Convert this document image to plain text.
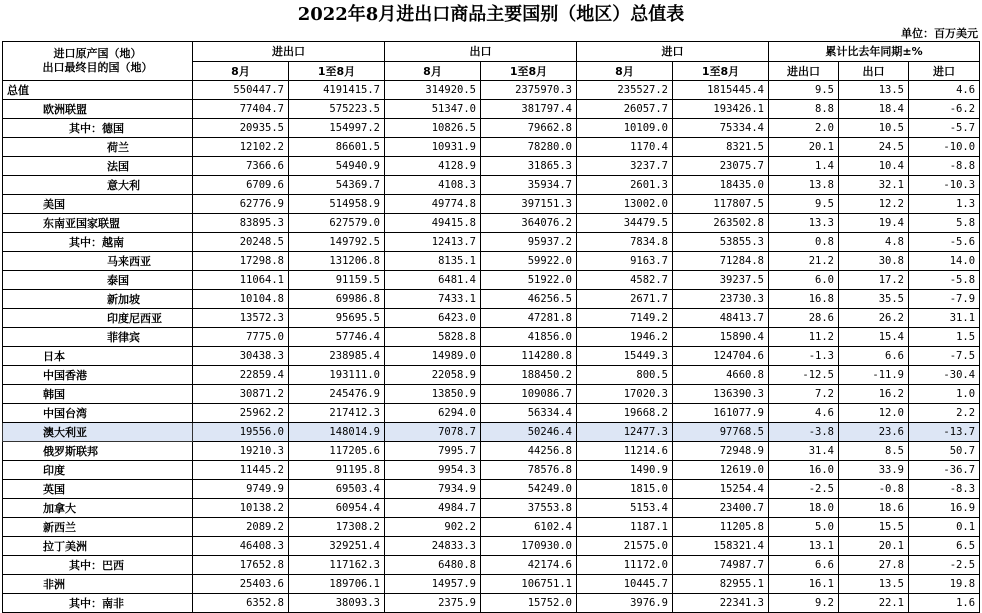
2022年8月进出口商品主要国别（地区）总值表
单位：百万美元
进口原产国（地）
出口最终目的国（地）	进出口		出口		进口		累计比去年同期±%		
	8月	1至8月	8月	1至8月	8月	1至8月	进出口	出口	进口
总值	550447.7	4191415.7	314920.5	2375970.3	235527.2	1815445.4	9.5	13.5	4.6
欧洲联盟	77404.7	575223.5	51347.0	381797.4	26057.7	193426.1	8.8	18.4	-6.2
其中：德国	20935.5	154997.2	10826.5	79662.8	10109.0	75334.4	2.0	10.5	-5.7
荷兰	12102.2	86601.5	10931.9	78280.0	1170.4	8321.5	20.1	24.5	-10.0
法国	7366.6	54940.9	4128.9	31865.3	3237.7	23075.7	1.4	10.4	-8.8
意大利	6709.6	54369.7	4108.3	35934.7	2601.3	18435.0	13.8	32.1	-10.3
美国	62776.9	514958.9	49774.8	397151.3	13002.0	117807.5	9.5	12.2	1.3
东南亚国家联盟	83895.3	627579.0	49415.8	364076.2	34479.5	263502.8	13.3	19.4	5.8
其中：越南	20248.5	149792.5	12413.7	95937.2	7834.8	53855.3	0.8	4.8	-5.6
马来西亚	17298.8	131206.8	8135.1	59922.0	9163.7	71284.8	21.2	30.8	14.0
泰国	11064.1	91159.5	6481.4	51922.0	4582.7	39237.5	6.0	17.2	-5.8
新加坡	10104.8	69986.8	7433.1	46256.5	2671.7	23730.3	16.8	35.5	-7.9
印度尼西亚	13572.3	95695.5	6423.0	47281.8	7149.2	48413.7	28.6	26.2	31.1
菲律宾	7775.0	57746.4	5828.8	41856.0	1946.2	15890.4	11.2	15.4	1.5
日本	30438.3	238985.4	14989.0	114280.8	15449.3	124704.6	-1.3	6.6	-7.5
中国香港	22859.4	193111.0	22058.9	188450.2	800.5	4660.8	-12.5	-11.9	-30.4
韩国	30871.2	245476.9	13850.9	109086.7	17020.3	136390.3	7.2	16.2	1.0
中国台湾	25962.2	217412.3	6294.0	56334.4	19668.2	161077.9	4.6	12.0	2.2
澳大利亚	19556.0	148014.9	7078.7	50246.4	12477.3	97768.5	-3.8	23.6	-13.7
俄罗斯联邦	19210.3	117205.6	7995.7	44256.8	11214.6	72948.9	31.4	8.5	50.7
印度	11445.2	91195.8	9954.3	78576.8	1490.9	12619.0	16.0	33.9	-36.7
英国	9749.9	69503.4	7934.9	54249.0	1815.0	15254.4	-2.5	-0.8	-8.3
加拿大	10138.2	60954.4	4984.7	37553.8	5153.4	23400.7	18.0	18.6	16.9
新西兰	2089.2	17308.2	902.2	6102.4	1187.1	11205.8	5.0	15.5	0.1
拉丁美洲	46408.3	329251.4	24833.3	170930.0	21575.0	158321.4	13.1	20.1	6.5
其中：巴西	17652.8	117162.3	6480.8	42174.6	11172.0	74987.7	6.6	27.8	-2.5
非洲	25403.6	189706.1	14957.9	106751.1	10445.7	82955.1	16.1	13.5	19.8
其中：南非	6352.8	38093.3	2375.9	15752.0	3976.9	22341.3	9.2	22.1	1.6
